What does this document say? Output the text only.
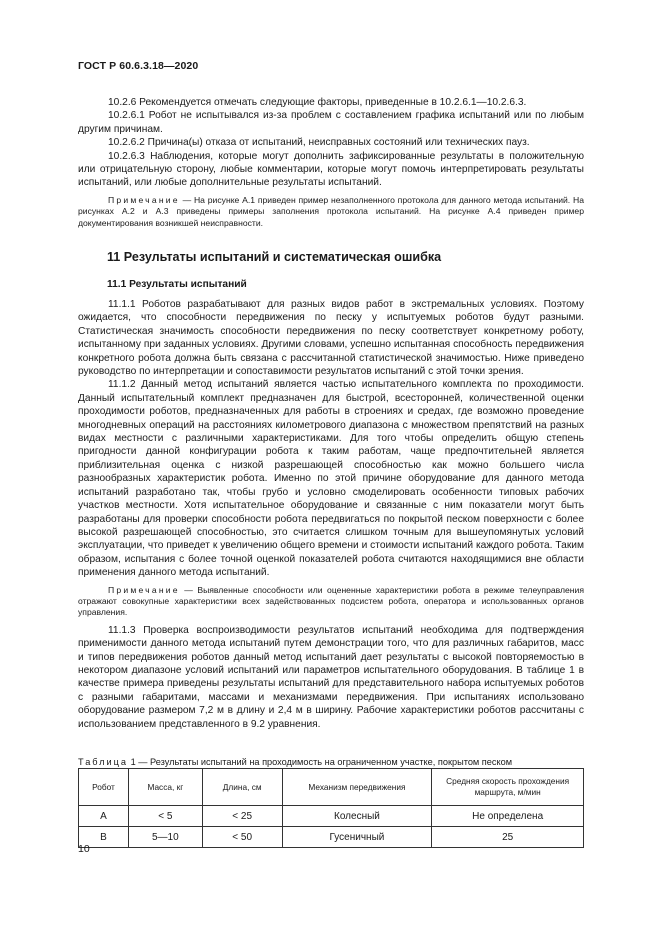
ГОСТ Р 60.6.3.18—2020

10.2.6 Рекомендуется отмечать следующие факторы, приведенные в 10.2.6.1—10.2.6.3.

10.2.6.1 Робот не испытывался из-за проблем с составлением графика испытаний или по любым другим причинам.

10.2.6.2 Причина(ы) отказа от испытаний, неисправных состояний или технических пауз.

10.2.6.3 Наблюдения, которые могут дополнить зафиксированные результаты в положительную или отрицательную сторону, любые комментарии, которые могут помочь интерпретировать результаты испытаний, или любые дополнительные результаты испытаний.

Примечание — На рисунке А.1 приведен пример незаполненного протокола для данного метода испытаний. На рисунках А.2 и А.3 приведены примеры заполнения протокола испытаний. На рисунке А.4 приведен пример документирования возникшей неисправности.

11 Результаты испытаний и систематическая ошибка
11.1 Результаты испытаний

11.1.1 Роботов разрабатывают для разных видов работ в экстремальных условиях. Поэтому ожидается, что способности передвижения по песку у испытуемых роботов будут разными. Статистическая значимость способности передвижения по песку соответствует конкретному роботу, испытанному при заданных условиях. Другими словами, успешно испытанная способность передвижения конкретного робота должна быть связана с рассчитанной статистической значимостью. Ниже приведено руководство по интерпретации и сопоставимости результатов испытаний с этой точки зрения.

11.1.2 Данный метод испытаний является частью испытательного комплекта по проходимости. Данный испытательный комплект предназначен для быстрой, всесторонней, количественной оценки проходимости роботов, предназначенных для работы в строениях и средах, где возможно проведение многодневных операций на расстояниях километрового диапазона с множеством препятствий на разных видах местности с различными характеристиками. Для того чтобы определить общую степень пригодности данной конфигурации робота к таким работам, чаще предпочтительней является приблизительная оценка с низкой разрешающей способностью как можно большего числа разнообразных характеристик робота. Именно по этой причине оборудование для данного метода испытаний разработано так, чтобы грубо и условно смоделировать особенности типовых рабочих участков местности. Хотя испытательное оборудование и связанные с ним показатели могут быть разработаны для проверки способности робота передвигаться по покрытой песком поверхности с более высокой разрешающей способностью, это считается слишком точным для вышеупомянутых условий эксплуатации, что приведет к увеличению общего времени и стоимости испытаний каждого робота. Таким образом, испытания с более точной оценкой показателей робота считаются находящимися вне области применения данного метода испытаний.

Примечание — Выявленные способности или оцененные характеристики робота в режиме телеуправления отражают совокупные характеристики всех задействованных подсистем робота, оператора и использованных органов управления.

11.1.3 Проверка воспроизводимости результатов испытаний необходима для подтверждения применимости данного метода испытаний путем демонстрации того, что для различных габаритов, масс и типов передвижения роботов данный метод испытаний дает результаты с высокой повторяемостью в некотором диапазоне условий испытаний или параметров испытательного оборудования. В таблице 1 в качестве примера приведены результаты испытаний для представительного набора испытуемых роботов с разными габаритами, массами и механизмами передвижения. При испытаниях использовано оборудование размером 7,2 м в длину и 2,4 м в ширину. Рабочие характеристики роботов рассчитаны с использованием представленного в 9.2 уравнения.

Таблица 1 — Результаты испытаний на проходимость на ограниченном участке, покрытом песком
Робот	Масса, кг	Длина, см	Механизм передвижения	Средняя скорость прохождения маршрута, м/мин
A	< 5	< 25	Колесный	Не определена
B	5—10	< 50	Гусеничный	25
10
